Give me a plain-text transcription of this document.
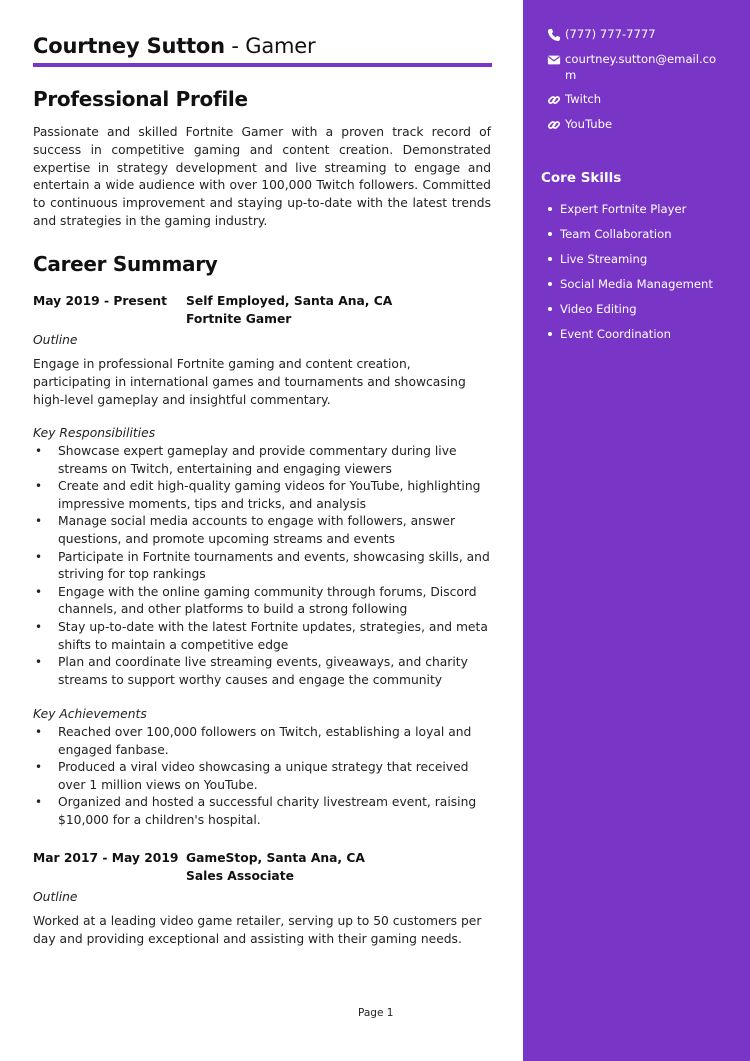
Courtney Sutton - Gamer
Professional Profile
Passionate and skilled Fortnite Gamer with a proven track record of success in competitive gaming and content creation. Demonstrated expertise in strategy development and live streaming to engage and entertain a wide audience with over 100,000 Twitch followers. Committed to continuous improvement and staying up-to-date with the latest trends and strategies in the gaming industry.
Career Summary
May 2019 - Present Self Employed, Santa Ana, CA
Fortnite Gamer
Outline
Engage in professional Fortnite gaming and content creation, participating in international games and tournaments and showcasing high-level gameplay and insightful commentary.
Key Responsibilities
• Showcase expert gameplay and provide commentary during live streams on Twitch, entertaining and engaging viewers
• Create and edit high-quality gaming videos for YouTube, highlighting impressive moments, tips and tricks, and analysis
• Manage social media accounts to engage with followers, answer questions, and promote upcoming streams and events
• Participate in Fortnite tournaments and events, showcasing skills, and striving for top rankings
• Engage with the online gaming community through forums, Discord channels, and other platforms to build a strong following
• Stay up-to-date with the latest Fortnite updates, strategies, and meta shifts to maintain a competitive edge
• Plan and coordinate live streaming events, giveaways, and charity streams to support worthy causes and engage the community
Key Achievements
• Reached over 100,000 followers on Twitch, establishing a loyal and engaged fanbase.
• Produced a viral video showcasing a unique strategy that received over 1 million views on YouTube.
• Organized and hosted a successful charity livestream event, raising $10,000 for a children's hospital.
Mar 2017 - May 2019 GameStop, Santa Ana, CA
Sales Associate
Outline
Worked at a leading video game retailer, serving up to 50 customers per day and providing exceptional and assisting with their gaming needs.
Page 1
(777) 777-7777
courtney.sutton@email.com
Twitch
YouTube
Core Skills
Expert Fortnite Player
Team Collaboration
Live Streaming
Social Media Management
Video Editing
Event Coordination
